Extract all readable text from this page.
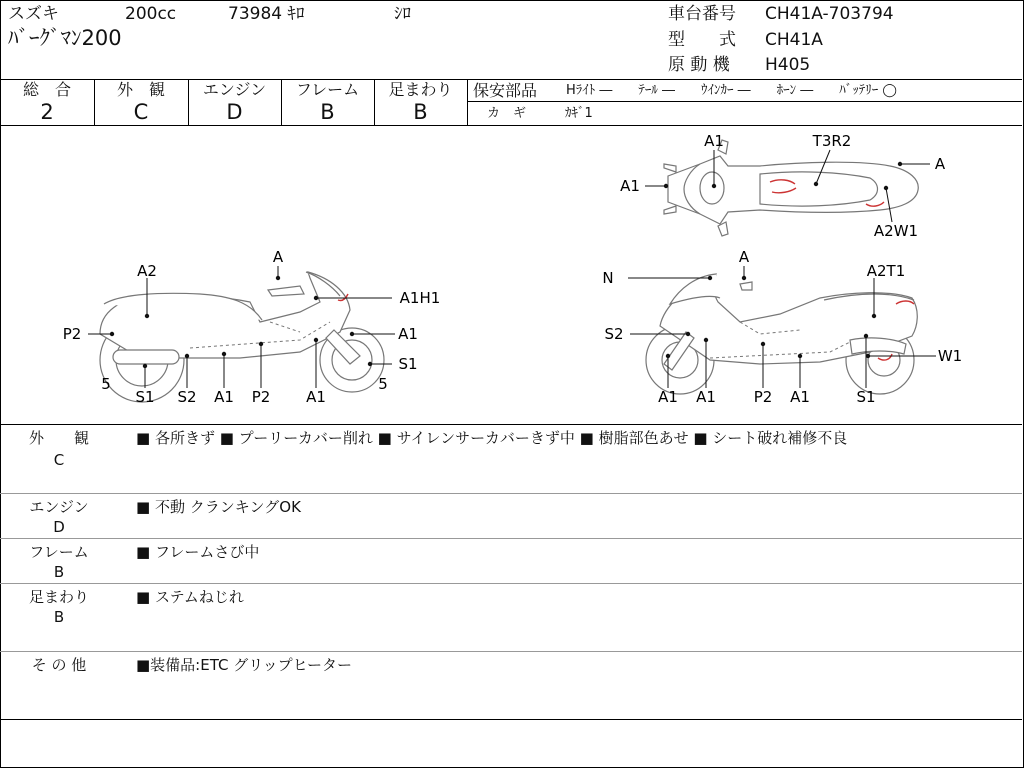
スズキ	200cc	73984 ｷﾛ	ｼﾛ
ﾊﾞｰｸﾞﾏﾝ200
車台番号 CH41A-703794
型　　式 CH41A
原 動 機 H405
総　合
2
外　観
C
エンジン
D
フレーム
B
足まわり
B
保安部品 Hﾗｲﾄ ―　　ﾃｰﾙ ―　　ｳｲﾝｶｰ ―　　ﾎｰﾝ ―　　ﾊﾞｯﾃﾘｰ ◯
カ　ギ	ｶｷﾞ1
A1
A1	T3R2
A
A2W1
A
A2
A1H1
A1
P2
S1
5	5
S1 S2 A1 P2 A1
A
N	A2T1
S2
W1
A1 A1	P2 A1	S1
外　　観
C
■ 各所きず ■ プーリーカバー削れ ■ サイレンサーカバーきず中 ■ 樹脂部色あせ ■ シート破れ補修不良
エンジン
D
■ 不動 クランキングOK
フレーム
B
■ フレームさび中
足まわり
B
■ ステムねじれ
そ の 他	■装備品:ETC グリップヒーター
